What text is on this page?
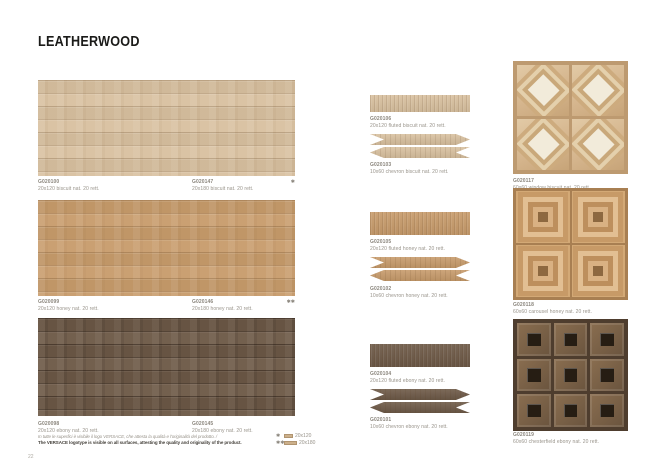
LEATHERWOOD
G020100
20x120 biscuit nat. 20 rett.
G020147
20x180 biscuit nat. 20 rett.
✱
G020099
20x120 honey nat. 20 rett.
G020146
20x180 honey nat. 20 rett.
✱✱
G020098
20x120 ebony nat. 20 rett.
G020145
20x180 ebony nat. 20 rett.
G020106
20x120 fluted biscuit nat. 20 rett.
G020103
10x60 chevron biscuit nat. 20 rett.
G020105
20x120 fluted honey nat. 20 rett.
G020102
10x60 chevron honey nat. 20 rett.
G020104
20x120 fluted ebony nat. 20 rett.
G020101
10x60 chevron ebony nat. 20 rett.
G020117
G020118
60x60 carousel honey nat. 20 rett.
G020119
60x60 chesterfield ebony nat. 20 rett.
In tutte le superfici è visibile il logo VERSACE, che attesta la qualità e l'originalità del prodotto. /
The VERSACE logotype is visible on all surfaces, attesting the quality and originality of the product.
✱	20x120
✱✱	20x180
22
